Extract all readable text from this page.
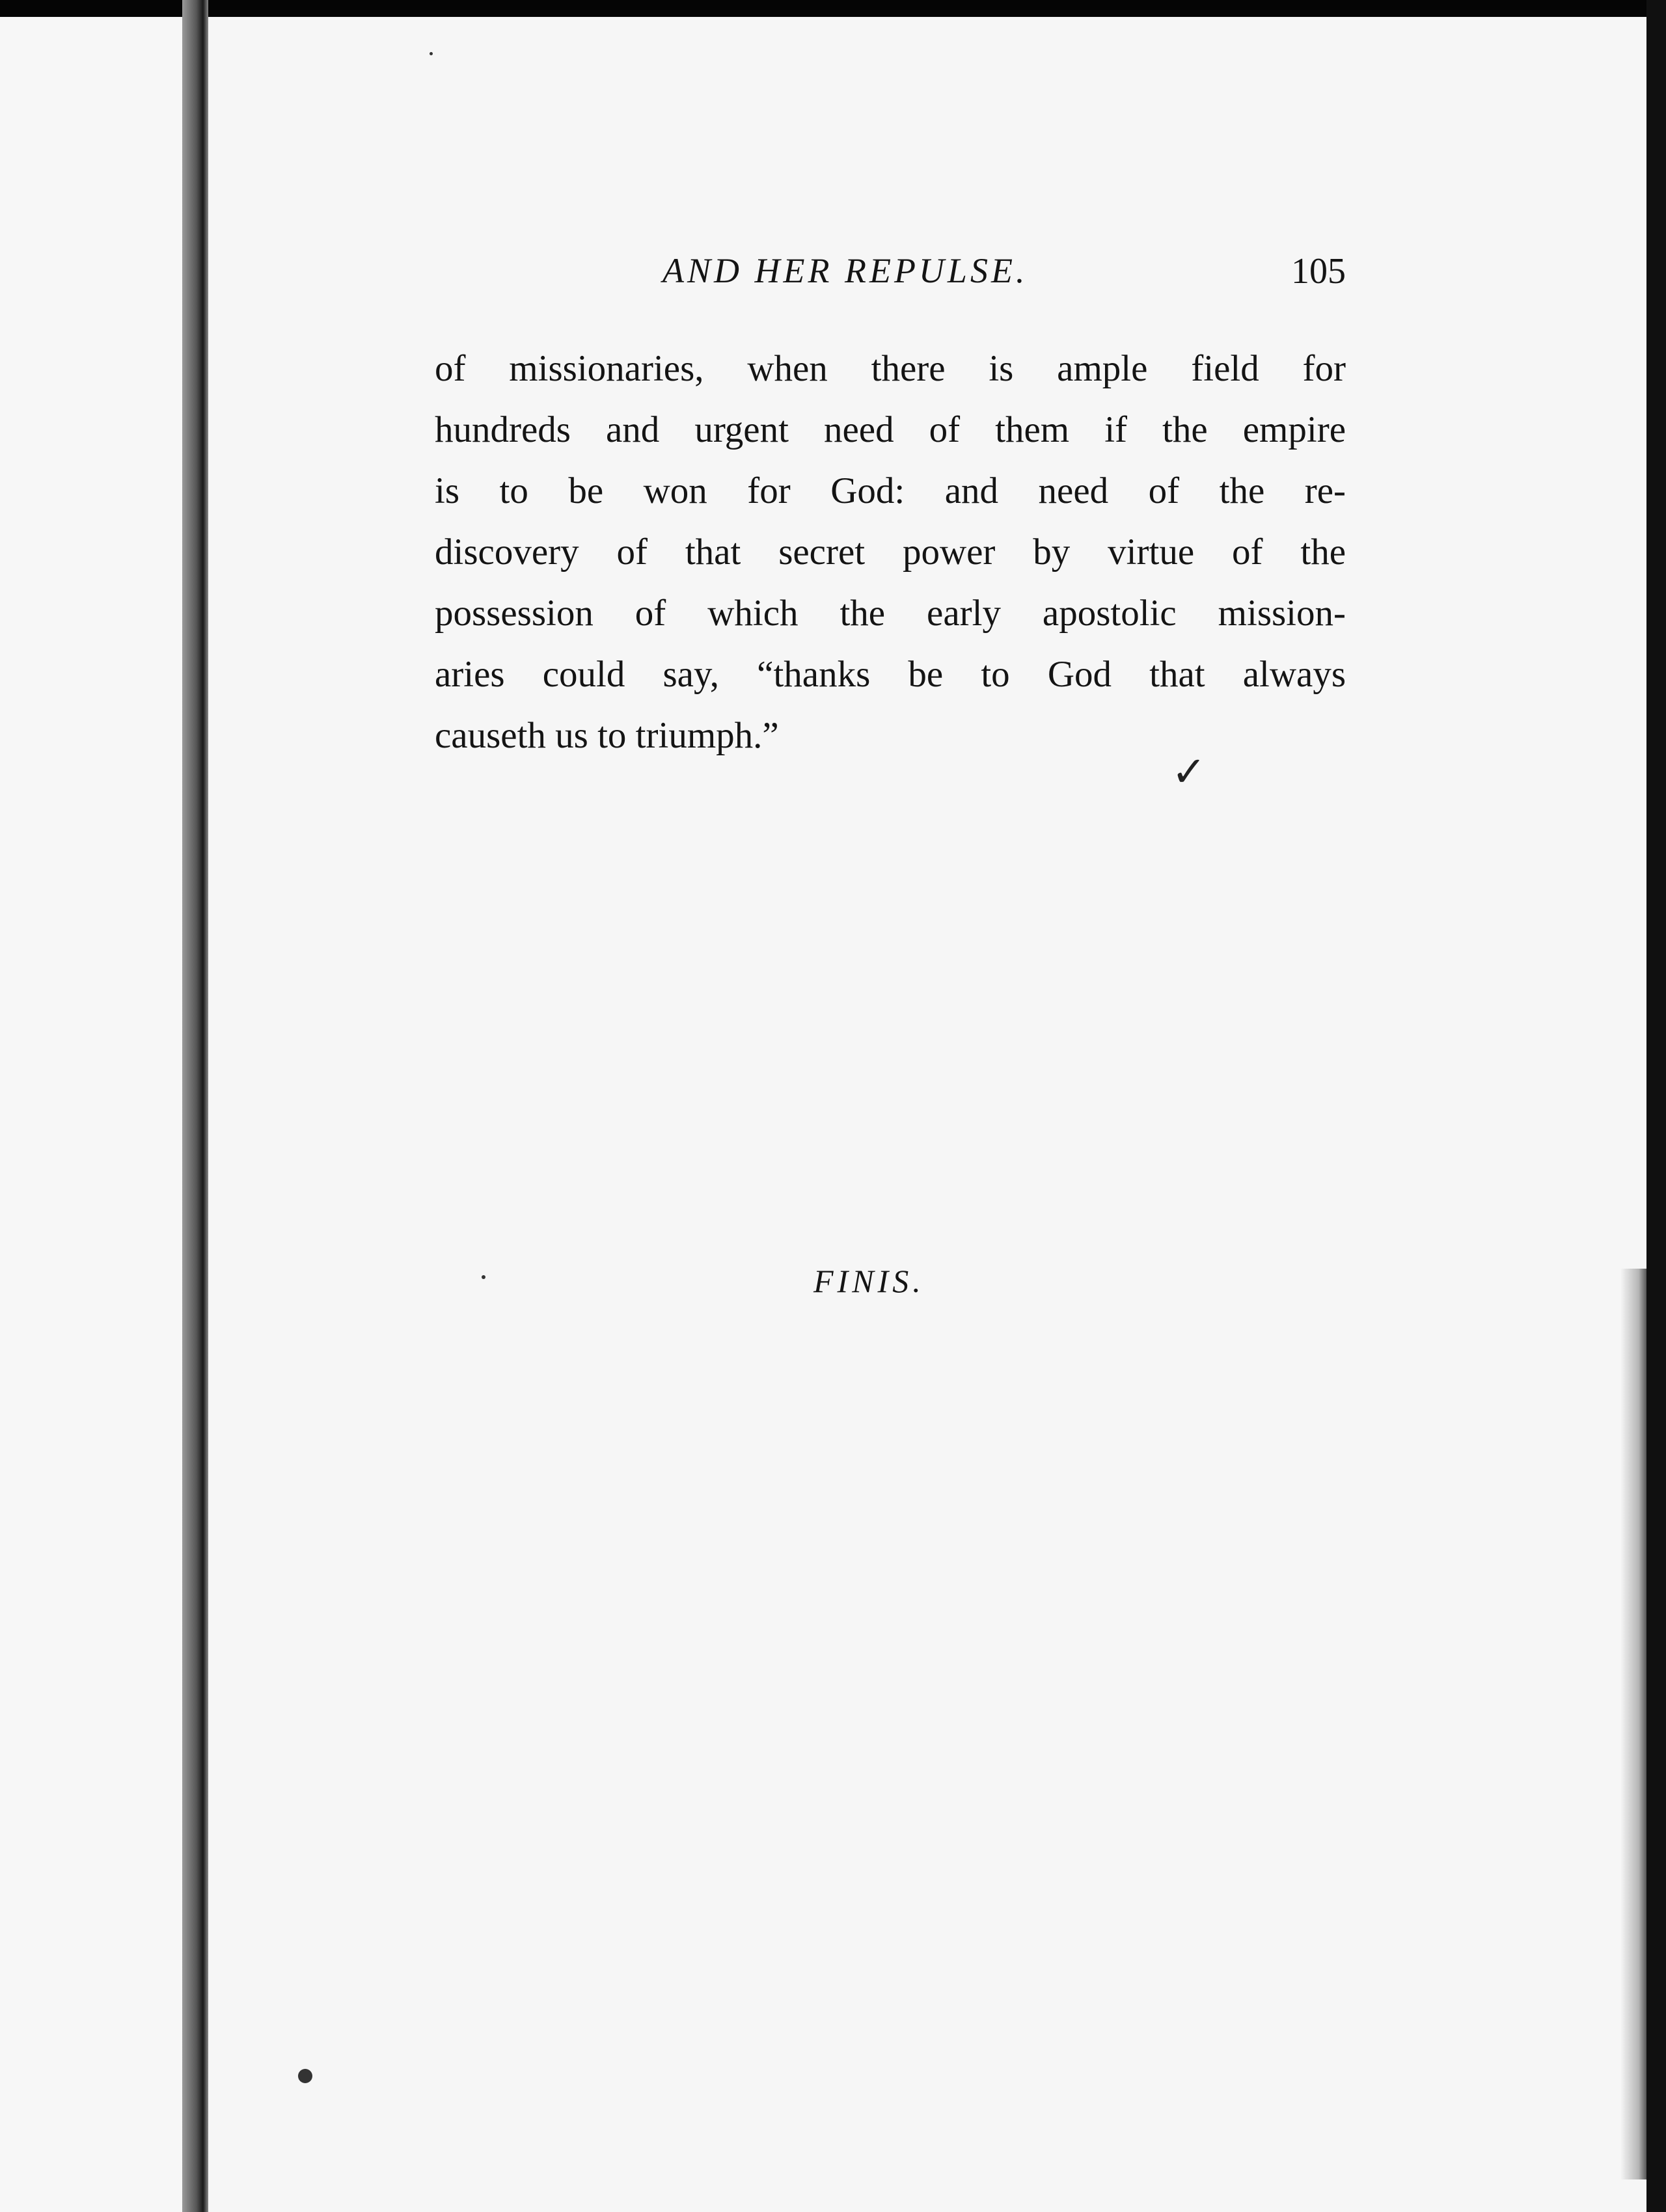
AND HER REPULSE.	105
of missionaries, when there is ample field for
hundreds and urgent need of them if the empire
is to be won for God: and need of the re-
discovery of that secret power by virtue of the
possession of which the early apostolic mission-
aries could say, “thanks be to God that always
causeth us to triumph.”
✓
FINIS.
